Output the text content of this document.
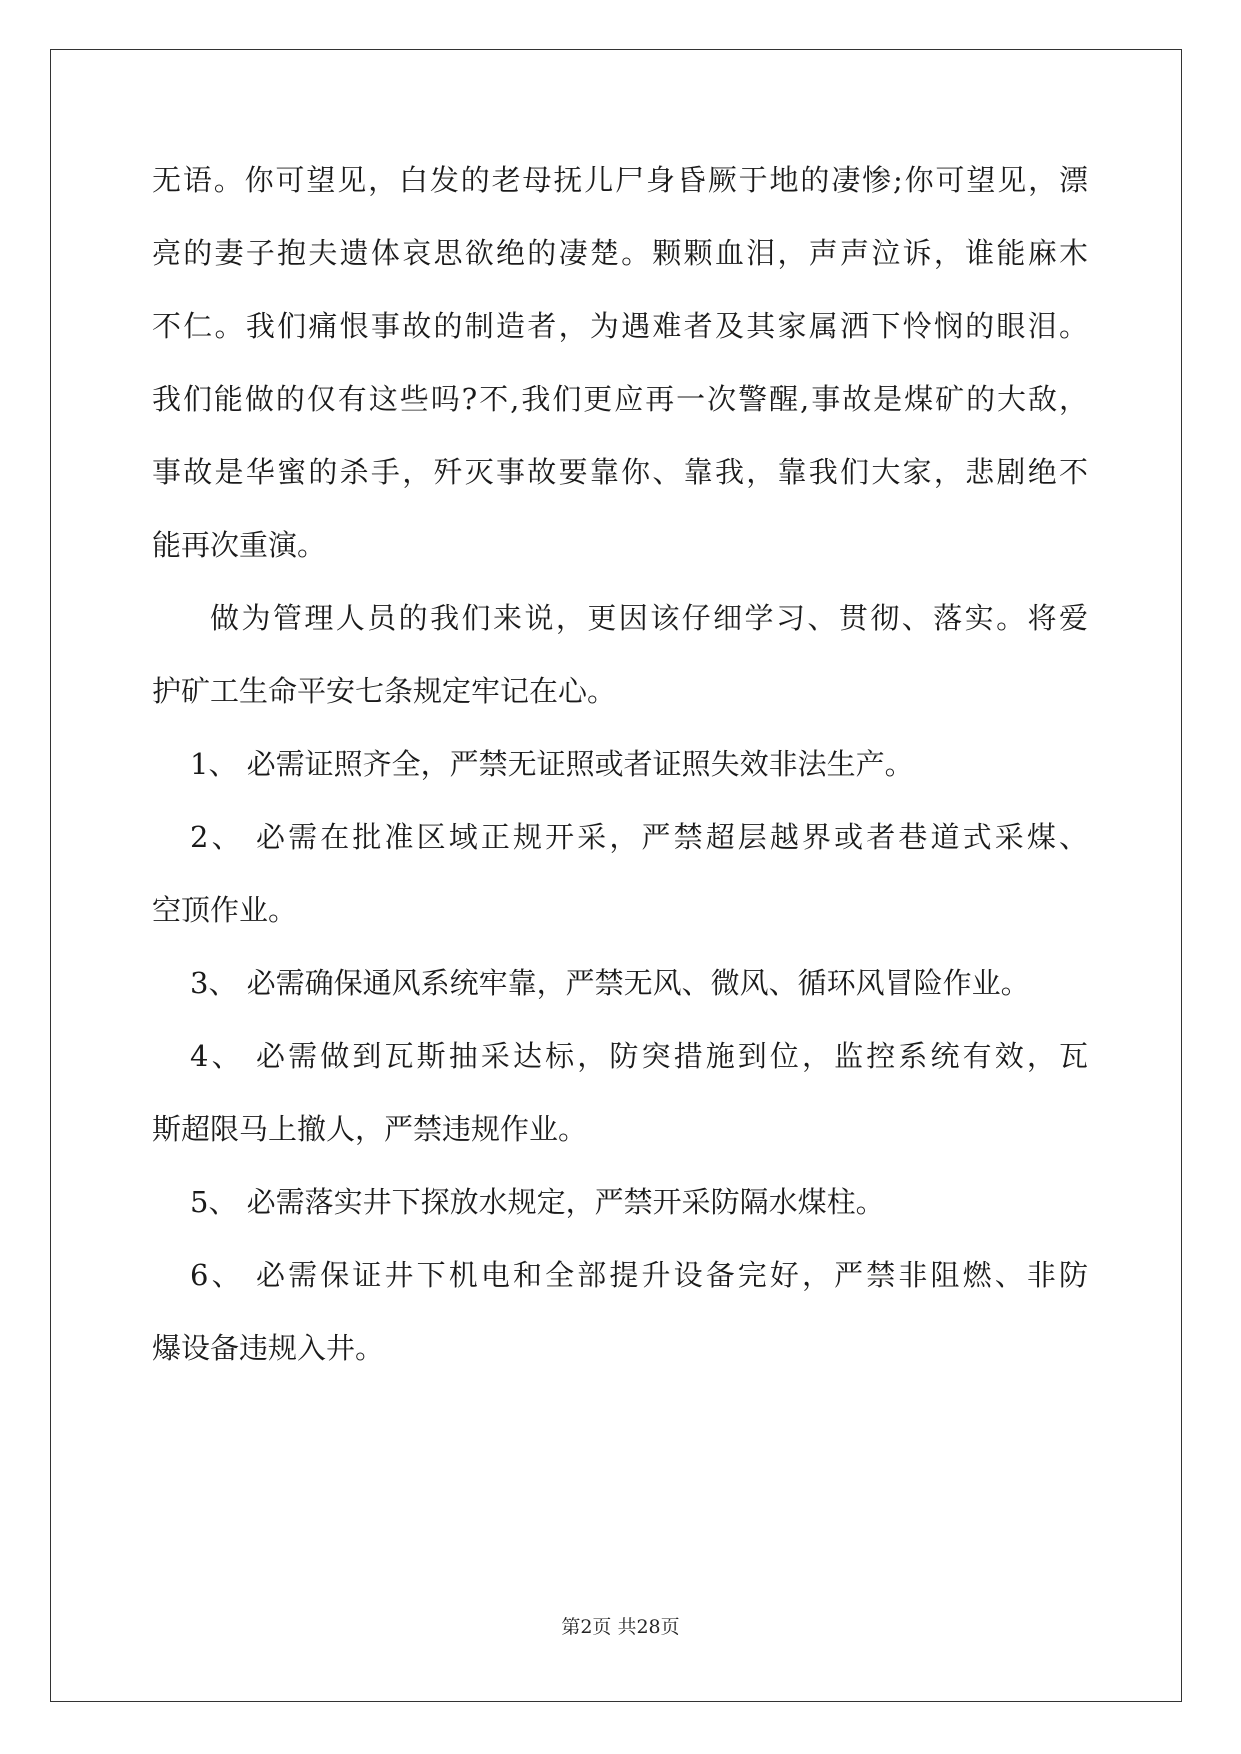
无语。你可望见，白发的老母抚儿尸身昏厥于地的凄惨;你可望见，漂
亮的妻子抱夫遗体哀思欲绝的凄楚。颗颗血泪，声声泣诉，谁能麻木
不仁。我们痛恨事故的制造者，为遇难者及其家属洒下怜悯的眼泪。
我们能做的仅有这些吗?不,我们更应再一次警醒,事故是煤矿的大敌，
事故是华蜜的杀手，歼灭事故要靠你、靠我，靠我们大家，悲剧绝不
能再次重演。
做为管理人员的我们来说，更因该仔细学习、贯彻、落实。将爱
护矿工生命平安七条规定牢记在心。
1、 必需证照齐全，严禁无证照或者证照失效非法生产。
2、 必需在批准区域正规开采，严禁超层越界或者巷道式采煤、
空顶作业。
3、 必需确保通风系统牢靠，严禁无风、微风、循环风冒险作业。
4、 必需做到瓦斯抽采达标，防突措施到位，监控系统有效，瓦
斯超限马上撤人，严禁违规作业。
5、 必需落实井下探放水规定，严禁开采防隔水煤柱。
6、 必需保证井下机电和全部提升设备完好，严禁非阻燃、非防
爆设备违规入井。
第2页 共28页
